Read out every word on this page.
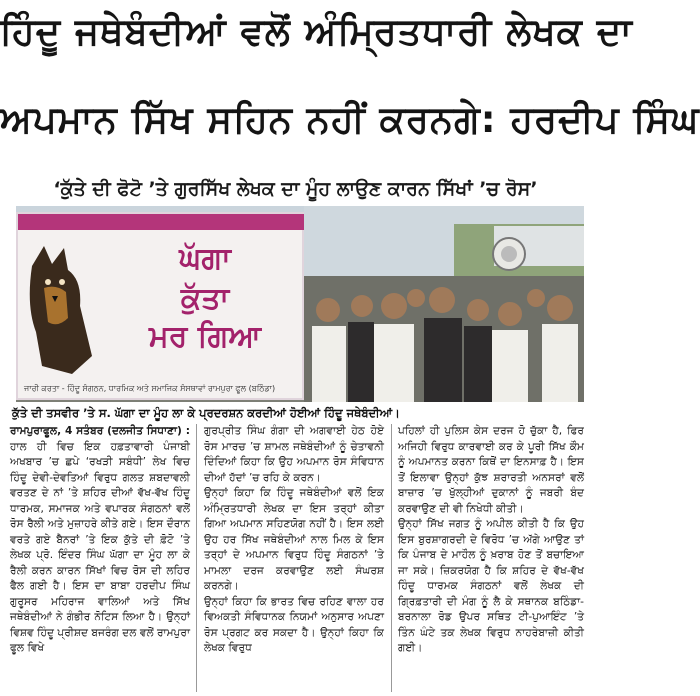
ਹਿੰਦੂ ਜਥੇਬੰਦੀਆਂ ਵਲੋਂ ਅੰਮ੍ਰਿਤਧਾਰੀ ਲੇਖਕ ਦਾ
ਅਪਮਾਨ ਸਿੱਖ ਸਹਿਨ ਨਹੀਂ ਕਰਨਗੇ: ਹਰਦੀਪ ਸਿੰਘ
‘ਕੁੱਤੇ ਦੀ ਫੋਟੋ ’ਤੇ ਗੁਰਸਿੱਖ ਲੇਖਕ ਦਾ ਮੂੰਹ ਲਾਉਣ ਕਾਰਨ ਸਿੱਖਾਂ ’ਚ ਰੋਸ’
ਘੱਗਾ
ਕੁੱਤਾ
ਮਰ ਗਿਆ
ਜਾਰੀ ਕਰਤਾ - ਹਿੰਦੂ ਸੰਗਠਨ, ਧਾਰਮਿਕ ਅਤੇ ਸਮਾਜਿਕ ਸੰਸਥਾਵਾਂ ਰਾਮਪੁਰਾ ਫੂਲ (ਬਠਿੰਡਾ)
ਕੁੱਤੇ ਦੀ ਤਸਵੀਰ ’ਤੇ ਸ. ਘੱਗਾ ਦਾ ਮੂੰਹ ਲਾ ਕੇ ਪ੍ਰਦਰਸ਼ਨ ਕਰਦੀਆਂ ਹੋਈਆਂ ਹਿੰਦੂ ਜਥੇਬੰਦੀਆਂ।

ਰਾਮਪੁਰਾਫੂਲ, 4 ਸਤੰਬਰ (ਦਲਜੀਤ ਸਿਧਾਣਾ) : ਹਾਲ ਹੀ ਵਿਚ ਇਕ ਹਫ਼ਤਾਵਾਰੀ ਪੰਜਾਬੀ ਅਖਬਾਰ ’ਚ ਛਪੇ ‘ਰਖੜੀ ਸਬੰਧੀ’ ਲੇਖ ਵਿਚ ਹਿੰਦੂ ਦੇਵੀ-ਦੇਵਤਿਆਂ ਵਿਰੁਧ ਗਲਤ ਸ਼ਬਦਾਵਲੀ ਵਰਤਣ ਦੇ ਨਾਂ ’ਤੇ ਸ਼ਹਿਰ ਦੀਆਂ ਵੱਖ-ਵੱਖ ਹਿੰਦੂ ਧਾਰਮਕ, ਸਮਾਜਕ ਅਤੇ ਵਪਾਰਕ ਸੰਗਠਨਾਂ ਵਲੋਂ ਰੋਸ ਰੈਲੀ ਅਤੇ ਮੁਜ਼ਾਹਰੇ ਕੀਤੇ ਗਏ। ਇਸ ਦੌਰਾਨ ਵਰਤੇ ਗਏ ਬੈਨਰਾਂ ’ਤੇ ਇਕ ਕੁੱਤੇ ਦੀ ਫ਼ੋਟੋ ’ਤੇ ਲੇਖਕ ਪ੍ਰੋ. ਇੰਦਰ ਸਿੰਘ ਘੱਗਾ ਦਾ ਮੂੰਹ ਲਾ ਕੇ ਰੈਲੀ ਕਰਨ ਕਾਰਨ ਸਿੱਖਾਂ ਵਿਚ ਰੋਸ ਦੀ ਲਹਿਰ ਫੈਲ ਗਈ ਹੈ। ਇਸ ਦਾ ਬਾਬਾ ਹਰਦੀਪ ਸਿੰਘ ਗੁਰੂਸਰ ਮਹਿਰਾਜ ਵਾਲਿਆਂ ਅਤੇ ਸਿੱਖ ਜਥੇਬੰਦੀਆਂ ਨੇ ਗੰਭੀਰ ਨੋਟਿਸ ਲਿਆ ਹੈ। ਉਨ੍ਹਾਂ ਵਿਸ਼ਵ ਹਿੰਦੂ ਪ੍ਰੀਸ਼ਦ ਬਜਰੰਗ ਦਲ ਵਲੋਂ ਰਾਮਪੁਰਾ ਫੂਲ ਵਿਖੇ

ਗੁਰਪ੍ਰੀਤ ਸਿੰਘ ਗੰਗਾ ਦੀ ਅਗਵਾਈ ਹੇਠ ਹੋਏ ਰੋਸ ਮਾਰਚ ’ਚ ਸ਼ਾਮਲ ਜਥੇਬੰਦੀਆਂ ਨੂੰ ਚੇਤਾਵਨੀ ਦਿੰਦਿਆਂ ਕਿਹਾ ਕਿ ਉਹ ਅਪਮਾਨ ਰੋਸ ਸੰਵਿਧਾਨ ਦੀਆਂ ਹੱਦਾਂ ’ਚ ਰਹਿ ਕੇ ਕਰਨ।

ਉਨ੍ਹਾਂ ਕਿਹਾ ਕਿ ਹਿੰਦੂ ਜਥੇਬੰਦੀਆਂ ਵਲੋਂ ਇਕ ਅੰਮ੍ਰਿਤਧਾਰੀ ਲੇਖਕ ਦਾ ਇਸ ਤਰ੍ਹਾਂ ਕੀਤਾ ਗਿਆ ਅਪਮਾਨ ਸਹਿਣਯੋਗ ਨਹੀਂ ਹੈ। ਇਸ ਲਈ ਉਹ ਹਰ ਸਿੱਖ ਜਥੇਬੰਦੀਆਂ ਨਾਲ ਮਿਲ ਕੇ ਇਸ ਤਰ੍ਹਾਂ ਦੇ ਅਪਮਾਨ ਵਿਰੁਧ ਹਿੰਦੂ ਸੰਗਠਨਾਂ ’ਤੇ ਮਾਮਲਾ ਦਰਜ ਕਰਵਾਉਣ ਲਈ ਸੰਘਰਸ਼ ਕਰਨਗੇ।

ਉਨ੍ਹਾਂ ਕਿਹਾ ਕਿ ਭਾਰਤ ਵਿਚ ਰਹਿਣ ਵਾਲਾ ਹਰ ਵਿਅਕਤੀ ਸੰਵਿਧਾਨਕ ਨਿਯਮਾਂ ਅਨੁਸਾਰ ਅਪਣਾ ਰੋਸ ਪ੍ਰਗਟ ਕਰ ਸਕਦਾ ਹੈ। ਉਨ੍ਹਾਂ ਕਿਹਾ ਕਿ ਲੇਖਕ ਵਿਰੁਧ

ਪਹਿਲਾਂ ਹੀ ਪੁਲਿਸ ਕੇਸ ਦਰਜ ਹੋ ਚੁੱਕਾ ਹੈ, ਫਿਰ ਅਜਿਹੀ ਵਿਰੁਧ ਕਾਰਵਾਈ ਕਰ ਕੇ ਪੂਰੀ ਸਿੱਖ ਕੌਮ ਨੂੰ ਅਪਮਾਨਤ ਕਰਨਾ ਕਿਥੋਂ ਦਾ ਇਨਸਾਫ਼ ਹੈ। ਇਸ ਤੋਂ ਇਲਾਵਾ ਉਨ੍ਹਾਂ ਕੁੱਝ ਸ਼ਰਾਰਤੀ ਅਨਸਰਾਂ ਵਲੋਂ ਬਾਜ਼ਾਰ ’ਚ ਖੁੱਲ੍ਹੀਆਂ ਦੁਕਾਨਾਂ ਨੂੰ ਜਬਰੀ ਬੰਦ ਕਰਵਾਉਣ ਦੀ ਵੀ ਨਿਖੇਧੀ ਕੀਤੀ।

ਉਨ੍ਹਾਂ ਸਿੱਖ ਜਗਤ ਨੂੰ ਅਪੀਲ ਕੀਤੀ ਹੈ ਕਿ ਉਹ ਇਸ ਬੁਰਸ਼ਾਗਰਦੀ ਦੇ ਵਿਰੋਧ ’ਚ ਅੱਗੇ ਆਉਣ ਤਾਂ ਕਿ ਪੰਜਾਬ ਦੇ ਮਾਹੌਲ ਨੂੰ ਖ਼ਰਾਬ ਹੋਣ ਤੋਂ ਬਚਾਇਆ ਜਾ ਸਕੇ। ਜ਼ਿਕਰਯੋਗ ਹੈ ਕਿ ਸ਼ਹਿਰ ਦੇ ਵੱਖ-ਵੱਖ ਹਿੰਦੂ ਧਾਰਮਕ ਸੰਗਠਨਾਂ ਵਲੋਂ ਲੇਖਕ ਦੀ ਗ੍ਰਿਫ਼ਤਾਰੀ ਦੀ ਮੰਗ ਨੂੰ ਲੈ ਕੇ ਸਥਾਨਕ ਬਠਿੰਡਾ-ਬਰਨਾਲਾ ਰੋਡ ਉਪਰ ਸਥਿਤ ਟੀ-ਪੁਆਇੰਟ ’ਤੇ ਤਿੰਨ ਘੰਟੇ ਤਕ ਲੇਖਕ ਵਿਰੁਧ ਨਾਹਰੇਬਾਜ਼ੀ ਕੀਤੀ ਗਈ।
